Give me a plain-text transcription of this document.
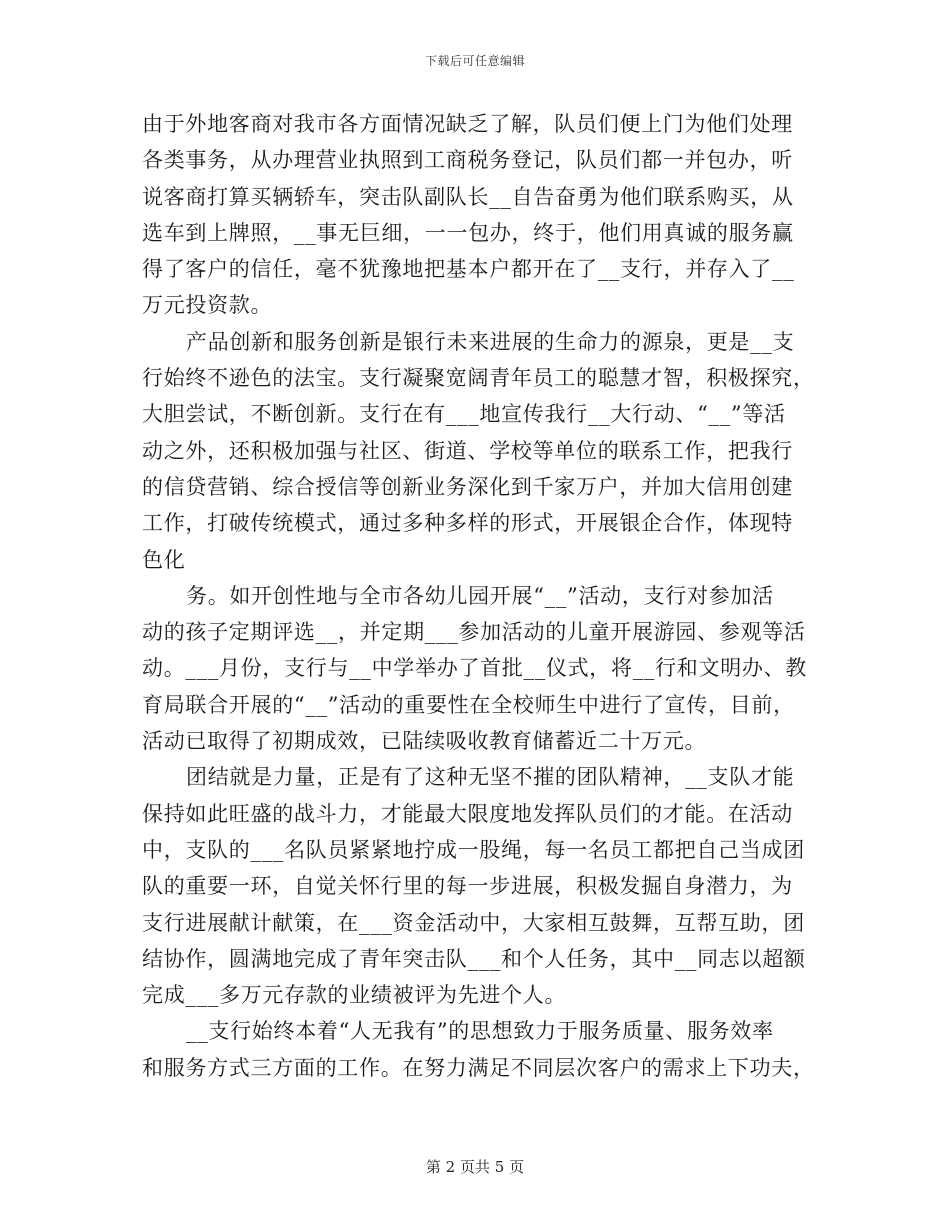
下载后可任意编辑
由于外地客商对我市各方面情况缺乏了解，队员们便上门为他们处理
各类事务，从办理营业执照到工商税务登记，队员们都一并包办，听
说客商打算买辆轿车，突击队副队长__自告奋勇为他们联系购买，从
选车到上牌照，__事无巨细，一一包办，终于，他们用真诚的服务赢
得了客户的信任，毫不犹豫地把基本户都开在了__支行，并存入了__
万元投资款。
产品创新和服务创新是银行未来进展的生命力的源泉，更是__支
行始终不逊色的法宝。支行凝聚宽阔青年员工的聪慧才智，积极探究，
大胆尝试，不断创新。支行在有___地宣传我行__大行动、“__”等活
动之外，还积极加强与社区、街道、学校等单位的联系工作，把我行
的信贷营销、综合授信等创新业务深化到千家万户，并加大信用创建
工作，打破传统模式，通过多种多样的形式，开展银企合作，体现特
色化
务。如开创性地与全市各幼儿园开展“__”活动，支行对参加活
动的孩子定期评选__，并定期___参加活动的儿童开展游园、参观等活
动。___月份，支行与__中学举办了首批__仪式，将__行和文明办、教
育局联合开展的“__”活动的重要性在全校师生中进行了宣传，目前，
活动已取得了初期成效，已陆续吸收教育储蓄近二十万元。
团结就是力量，正是有了这种无坚不摧的团队精神，__支队才能
保持如此旺盛的战斗力，才能最大限度地发挥队员们的才能。在活动
中，支队的___名队员紧紧地拧成一股绳，每一名员工都把自己当成团
队的重要一环，自觉关怀行里的每一步进展，积极发掘自身潜力，为
支行进展献计献策，在___资金活动中，大家相互鼓舞，互帮互助，团
结协作，圆满地完成了青年突击队___和个人任务，其中__同志以超额
完成___多万元存款的业绩被评为先进个人。
__支行始终本着“人无我有”的思想致力于服务质量、服务效率
和服务方式三方面的工作。在努力满足不同层次客户的需求上下功夫，
第 2 页共 5 页
